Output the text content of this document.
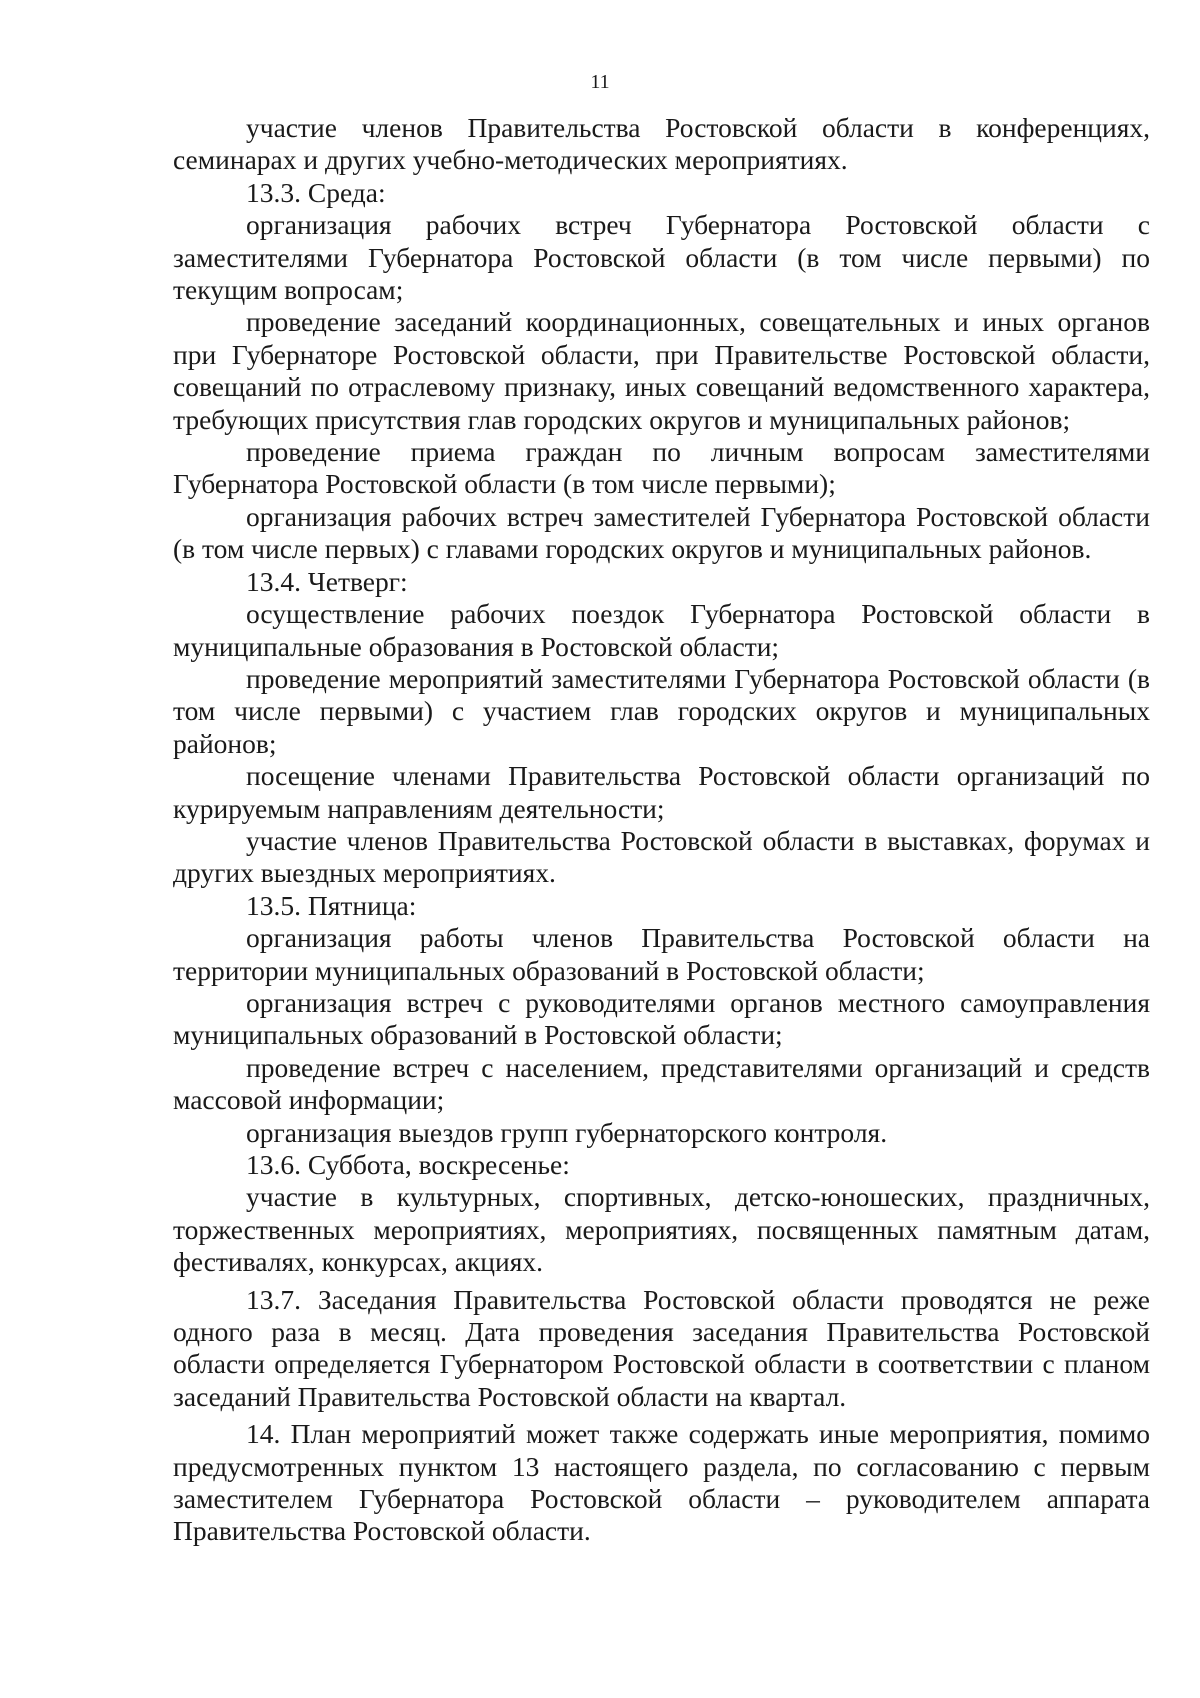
11

участие членов Правительства Ростовской области в конференциях, семинарах и других учебно-методических мероприятиях.

13.3. Среда:

организация рабочих встреч Губернатора Ростовской области с заместителями Губернатора Ростовской области (в том числе первыми) по текущим вопросам;

проведение заседаний координационных, совещательных и иных органов при Губернаторе Ростовской области, при Правительстве Ростовской области, совещаний по отраслевому признаку, иных совещаний ведомственного характера, требующих присутствия глав городских округов и муниципальных районов;

проведение приема граждан по личным вопросам заместителями Губернатора Ростовской области (в том числе первыми);

организация рабочих встреч заместителей Губернатора Ростовской области (в том числе первых) с главами городских округов и муниципальных районов.

13.4. Четверг:

осуществление рабочих поездок Губернатора Ростовской области в муниципальные образования в Ростовской области;

проведение мероприятий заместителями Губернатора Ростовской области (в том числе первыми) с участием глав городских округов и муниципальных районов;

посещение членами Правительства Ростовской области организаций по курируемым направлениям деятельности;

участие членов Правительства Ростовской области в выставках, форумах и других выездных мероприятиях.

13.5. Пятница:

организация работы членов Правительства Ростовской области на территории муниципальных образований в Ростовской области;

организация встреч с руководителями органов местного самоуправления муниципальных образований в Ростовской области;

проведение встреч с населением, представителями организаций и средств массовой информации;

организация выездов групп губернаторского контроля.

13.6. Суббота, воскресенье:

участие в культурных, спортивных, детско-юношеских, праздничных, торжественных мероприятиях, мероприятиях, посвященных памятным датам, фестивалях, конкурсах, акциях.

13.7. Заседания Правительства Ростовской области проводятся не реже одного раза в месяц. Дата проведения заседания Правительства Ростовской области определяется Губернатором Ростовской области в соответствии с планом заседаний Правительства Ростовской области на квартал.

14. План мероприятий может также содержать иные мероприятия, помимо предусмотренных пунктом 13 настоящего раздела, по согласованию с первым заместителем Губернатора Ростовской области – руководителем аппарата Правительства Ростовской области.
